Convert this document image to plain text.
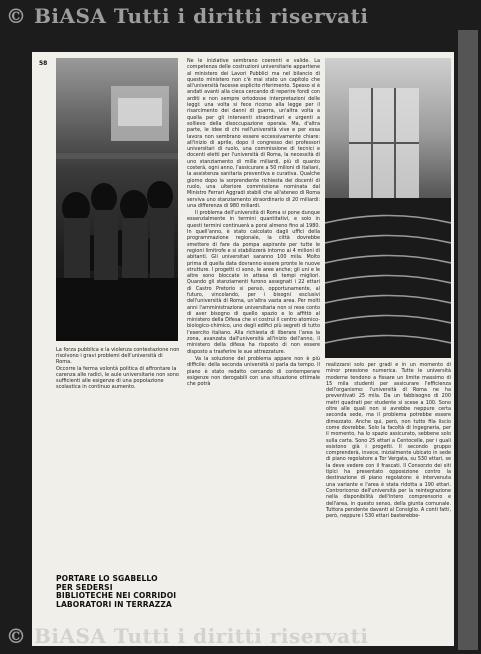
© BiASA Tutti i diritti riservati
58

La forza pubblica e la violenza contestazione non risolvono i gravi problemi dell'università di Roma.

Occorre la ferma volontà politica di affrontare la carenza alle radici, le aule universitarie non sono sufficienti alle esigenze di una popolazione scolastica in continuo aumento.

PORTARE LO SGABELLO

PER SEDERSI

BIBLIOTECHE NEI CORRIDOI

LABORATORI IN TERRAZZA

Ne le iniziative sembrano coerenti e valide. La competenza delle costruzioni universitarie appartiene al ministero dei Lavori Pubblici ma nel bilancio di questo ministero non c'è mai stato un capitolo che all'università facesse esplicito riferimento. Spesso si è andati avanti alla cieca cercando di reperire fondi con arditi e non sempre ortodosse interpretazioni delle leggi: una volta si fece ricorso alla legge per il risarcimento dei danni di guerra, un'altra volta a quella per gli interventi straordinari e urgenti a sollievo della disoccupazione operaia. Ma, d'altra parte, le idee di chi nell'università vive e per essa lavora non sembrano essere eccessivamente chiare: all'inizio di aprile, dopo il congresso dei professori universitari di ruolo, una commissione di tecnici e docenti eletti per l'università di Roma, la necessità di uno stanziamento di mille miliardi, più di quanto costerà, ogni anno, l'assicurare a 50 milioni di italiani, la assistenza sanitaria preventiva e curativa. Qualche giorno dopo la sorprendente richiesta dei docenti di ruolo, una ulteriore commissione nominata dal Ministro Ferrari Aggradi stabilì che all'ateneo di Roma serviva uno stanziamento straordinario di 20 miliardi: una differenza di 980 miliardi.

Il problema dell'università di Roma si pone dunque essenzialmente in termini quantitativi, e solo in questi termini continuerà a porsi almeno fino al 1980. In quell'anno, è stato calcolato dagli uffici della programmazione regionale, la città dovrebbe smettere di fare da pompa aspirante per tutte le regioni limitrofe e si stabilizzerà intorno ai 4 milioni di abitanti. Gli universitari saranno 100 mila. Molto prima di quella data dovranno essere pronte le nuove strutture. I progetti ci sono, le aree anche; gli uni e le altre sono bloccate in attesa di tempi migliori. Quando gli stanziamenti furono assegnati i 22 ettari di Castro Pretorio si pensò, opportunamente, al futuro, vincolando, per i bisogni esclusivi dell'università di Roma, un'altra vasta area. Per molti anni l'amministrazione universitaria non si rese conto di aver bisogno di quello spazio e lo affittò al ministero della Difesa che vi costruì il centro atomico-biologico-chimico, uno degli edifici più segreti di tutto l'esercito italiano. Alla richiesta di liberare l'area la zona, avanzata dall'università all'inizio dell'anno, il ministero della difesa ha risposto di non essere disposto a trasferire le sue attrezzature.

Va la soluzione del problema appare non è più difficile: della seconda università si parla da tempo. Il piano è stato redatto cercando di contemperare esigenze non derogabili con una situazione ottimale che potrà

realizzarsi solo per gradi e in un momento di minor pressione numerica. Tutte le università moderne tendono a fissare un limite massimo di 15 mila studenti per assicurare l'efficienza dell'organismo: l'università di Roma ne ha preventivati 25 mila. Da un fabbisogno di 200 metri quadrati per studente si scese a 100. Sono oltre alle quali non si avrebbe neppure certa seconda sede, ma il problema potrebbe essere dimezzato. Anche qui, però, non tutto fila liscio come dovrebbe. Solo la facoltà di Ingegneria, per il momento, ha lo spazio assicurato, sebbene solo sulla carta. Sono 25 ettari a Centocelle, per i quali esistono già i progetti. Il secondo gruppo comprenderà, invece, inizialmente ubicato in sede di piano regolatore a Tor Vergata, su 530 ettari, se la deve vedere con il frascati. Il Consorzio dei siti tipici ha presentato opposizione contro la destinazione di piano regolatore: è intervenuta una variante e l'area è stata ridotta a 190 ettari. Controricorso dell'università per la reintegrazione nella disponibilità dell'intero comprensorio e dell'area, in questo senso, della giunta comunale. Tuttora pendente davanti al Consiglio. A conti fatti, però, neppure i 530 ettari basterebbe-

© BiASA Tutti i diritti riservati
